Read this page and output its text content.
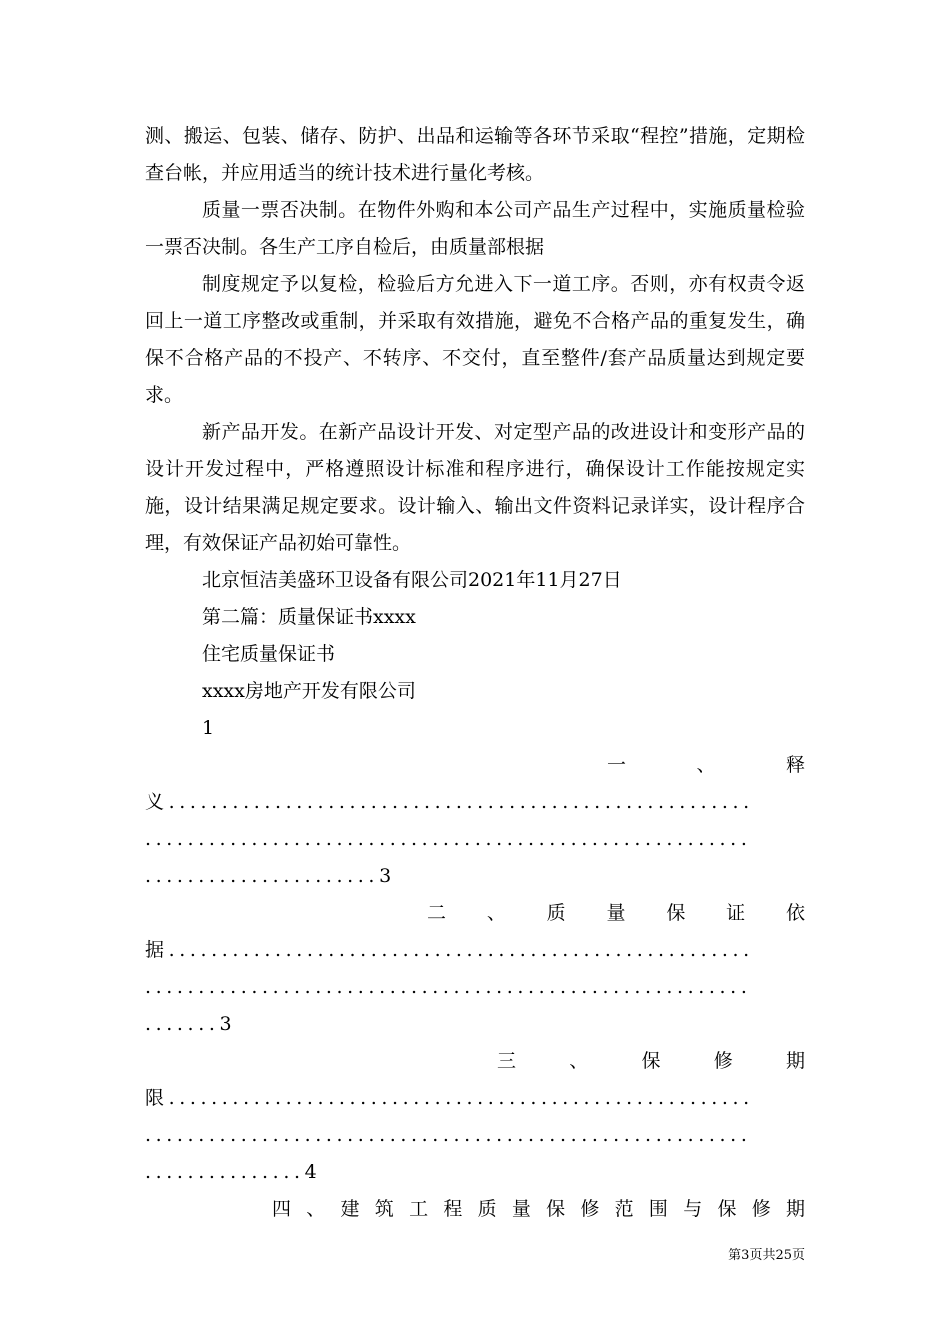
测、搬运、包装、储存、防护、出品和运输等各环节采取“程控”措施，定期检查台帐，并应用适当的统计技术进行量化考核。

质量一票否决制。在物件外购和本公司产品生产过程中，实施质量检验一票否决制。各生产工序自检后，由质量部根据

制度规定予以复检，检验后方允进入下一道工序。否则，亦有权责令返回上一道工序整改或重制，并采取有效措施，避免不合格产品的重复发生，确保不合格产品的不投产、不转序、不交付，直至整件/套产品质量达到规定要求。

新产品开发。在新产品设计开发、对定型产品的改进设计和变形产品的设计开发过程中，严格遵照设计标准和程序进行，确保设计工作能按规定实施，设计结果满足规定要求。设计输入、输出文件资料记录详实，设计程序合理，有效保证产品初始可靠性。

北京恒洁美盛环卫设备有限公司2021年11月27日

第二篇：质量保证书xxxx

住宅质量保证书

xxxx房地产开发有限公司

1

一	、	释

义.......................................................

.........................................................

......................3

二 、 质 量 保 证 依

据.......................................................

.........................................................

.......3

三	、	保	修	期

限.......................................................

.........................................................

...............4

四 、 建 筑 工 程 质 量 保 修 范 围 与 保 修 期
第3页共25页
